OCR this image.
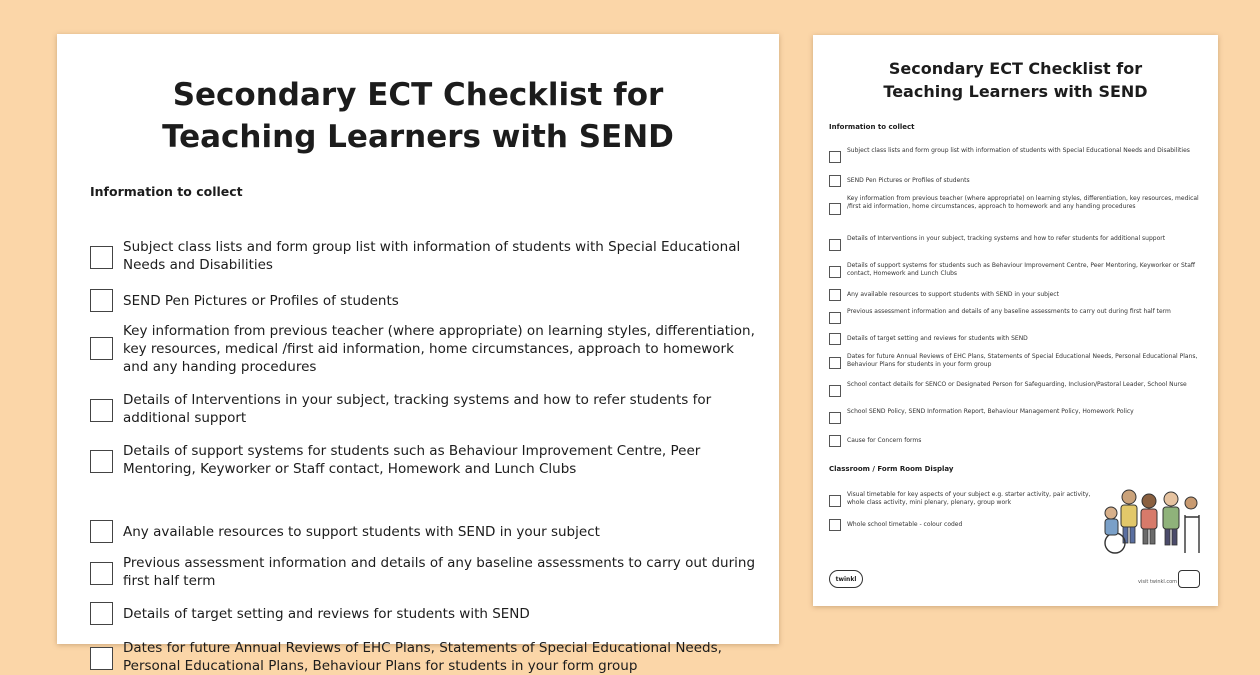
Secondary ECT Checklist for
Teaching Learners with SEND
Information to collect
Subject class lists and form group list with information of students with Special Educational Needs and Disabilities
SEND Pen Pictures or Profiles of students
Key information from previous teacher (where appropriate) on learning styles, differentiation, key resources, medical /first aid information, home circumstances, approach to homework and any handing procedures
Details of Interventions in your subject, tracking systems and how to refer students for additional support
Details of support systems for students such as Behaviour Improvement Centre, Peer Mentoring, Keyworker or Staff contact, Homework and Lunch Clubs
Any available resources to support students with SEND in your subject
Previous assessment information and details of any baseline assessments to carry out during first half term
Details of target setting and reviews for students with SEND
Dates for future Annual Reviews of EHC Plans, Statements of Special Educational Needs, Personal Educational Plans, Behaviour Plans for students in your form group
Secondary ECT Checklist for
Teaching Learners with SEND
Information to collect
Subject class lists and form group list with information of students with Special Educational Needs and Disabilities
SEND Pen Pictures or Profiles of students
Key information from previous teacher (where appropriate) on learning styles, differentiation, key resources, medical /first aid information, home circumstances, approach to homework and any handing procedures
Details of Interventions in your subject, tracking systems and how to refer students for additional support
Details of support systems for students such as Behaviour Improvement Centre, Peer Mentoring, Keyworker or Staff contact, Homework and Lunch Clubs
Any available resources to support students with SEND in your subject
Previous assessment information and details of any baseline assessments to carry out during first half term
Details of target setting and reviews for students with SEND
Dates for future Annual Reviews of EHC Plans, Statements of Special Educational Needs, Personal Educational Plans, Behaviour Plans for students in your form group
School contact details for SENCO or Designated Person for Safeguarding, Inclusion/Pastoral Leader, School Nurse
School SEND Policy, SEND Information Report, Behaviour Management Policy, Homework Policy
Cause for Concern forms
Classroom / Form Room Display
Visual timetable for key aspects of your subject e.g. starter activity, pair activity, whole class activity, mini plenary, plenary, group work
Whole school timetable - colour coded
twinkl	visit twinkl.com
